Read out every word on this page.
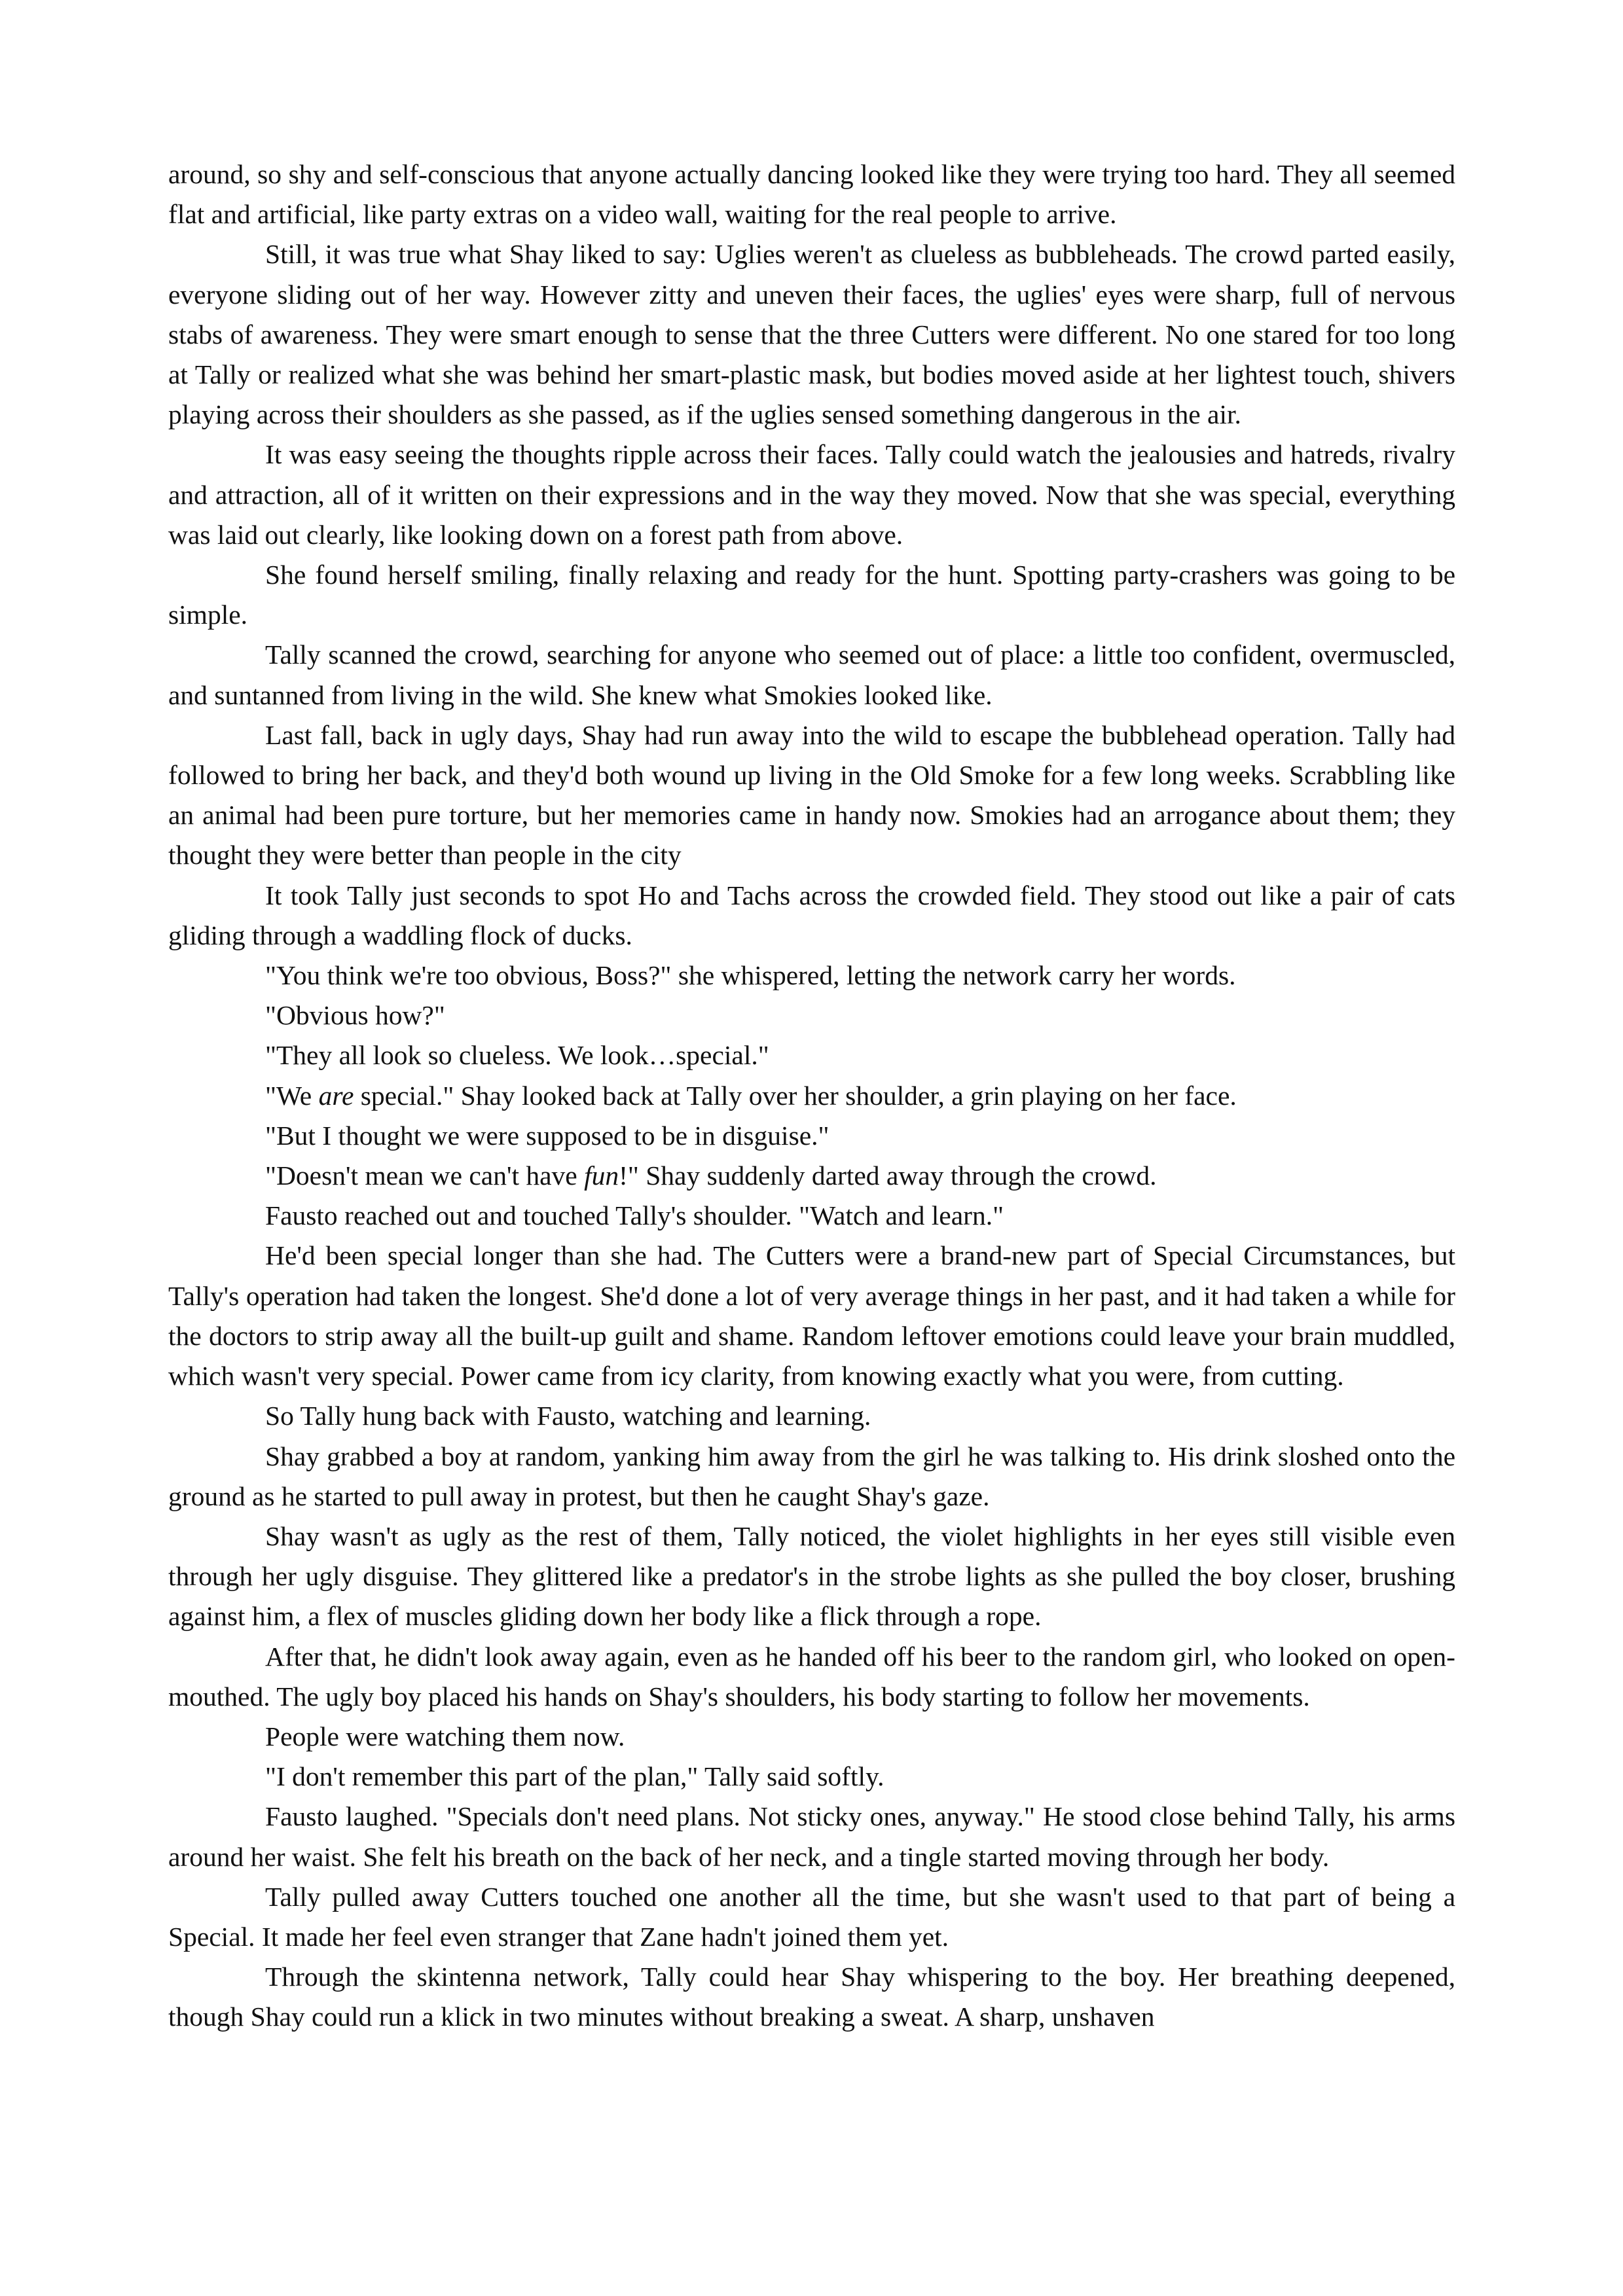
around, so shy and self-conscious that anyone actually dancing looked like they were trying too hard. They all seemed flat and artificial, like party extras on a video wall, waiting for the real people to arrive.

Still, it was true what Shay liked to say: Uglies weren't as clueless as bubbleheads. The crowd parted easily, everyone sliding out of her way. However zitty and uneven their faces, the uglies' eyes were sharp, full of nervous stabs of awareness. They were smart enough to sense that the three Cutters were different. No one stared for too long at Tally or realized what she was behind her smart-plastic mask, but bodies moved aside at her lightest touch, shivers playing across their shoulders as she passed, as if the uglies sensed something dangerous in the air.

It was easy seeing the thoughts ripple across their faces. Tally could watch the jealousies and hatreds, rivalry and attraction, all of it written on their expressions and in the way they moved. Now that she was special, everything was laid out clearly, like looking down on a forest path from above.

She found herself smiling, finally relaxing and ready for the hunt. Spotting party-crashers was going to be simple.

Tally scanned the crowd, searching for anyone who seemed out of place: a little too confident, overmuscled, and suntanned from living in the wild. She knew what Smokies looked like.

Last fall, back in ugly days, Shay had run away into the wild to escape the bubblehead operation. Tally had followed to bring her back, and they'd both wound up living in the Old Smoke for a few long weeks. Scrabbling like an animal had been pure torture, but her memories came in handy now. Smokies had an arrogance about them; they thought they were better than people in the city

It took Tally just seconds to spot Ho and Tachs across the crowded field. They stood out like a pair of cats gliding through a waddling flock of ducks.

"You think we're too obvious, Boss?" she whispered, letting the network carry her words.

"Obvious how?"

"They all look so clueless. We look…special."

"We are special." Shay looked back at Tally over her shoulder, a grin playing on her face.

"But I thought we were supposed to be in disguise."

"Doesn't mean we can't have fun!" Shay suddenly darted away through the crowd.

Fausto reached out and touched Tally's shoulder. "Watch and learn."

He'd been special longer than she had. The Cutters were a brand-new part of Special Circumstances, but Tally's operation had taken the longest. She'd done a lot of very average things in her past, and it had taken a while for the doctors to strip away all the built-up guilt and shame. Random leftover emotions could leave your brain muddled, which wasn't very special. Power came from icy clarity, from knowing exactly what you were, from cutting.

So Tally hung back with Fausto, watching and learning.

Shay grabbed a boy at random, yanking him away from the girl he was talking to. His drink sloshed onto the ground as he started to pull away in protest, but then he caught Shay's gaze.

Shay wasn't as ugly as the rest of them, Tally noticed, the violet highlights in her eyes still visible even through her ugly disguise. They glittered like a predator's in the strobe lights as she pulled the boy closer, brushing against him, a flex of muscles gliding down her body like a flick through a rope.

After that, he didn't look away again, even as he handed off his beer to the random girl, who looked on open-mouthed. The ugly boy placed his hands on Shay's shoulders, his body starting to follow her movements.

People were watching them now.

"I don't remember this part of the plan," Tally said softly.

Fausto laughed. "Specials don't need plans. Not sticky ones, anyway." He stood close behind Tally, his arms around her waist. She felt his breath on the back of her neck, and a tingle started moving through her body.

Tally pulled away Cutters touched one another all the time, but she wasn't used to that part of being a Special. It made her feel even stranger that Zane hadn't joined them yet.

Through the skintenna network, Tally could hear Shay whispering to the boy. Her breathing deepened, though Shay could run a klick in two minutes without breaking a sweat. A sharp, unshaven
